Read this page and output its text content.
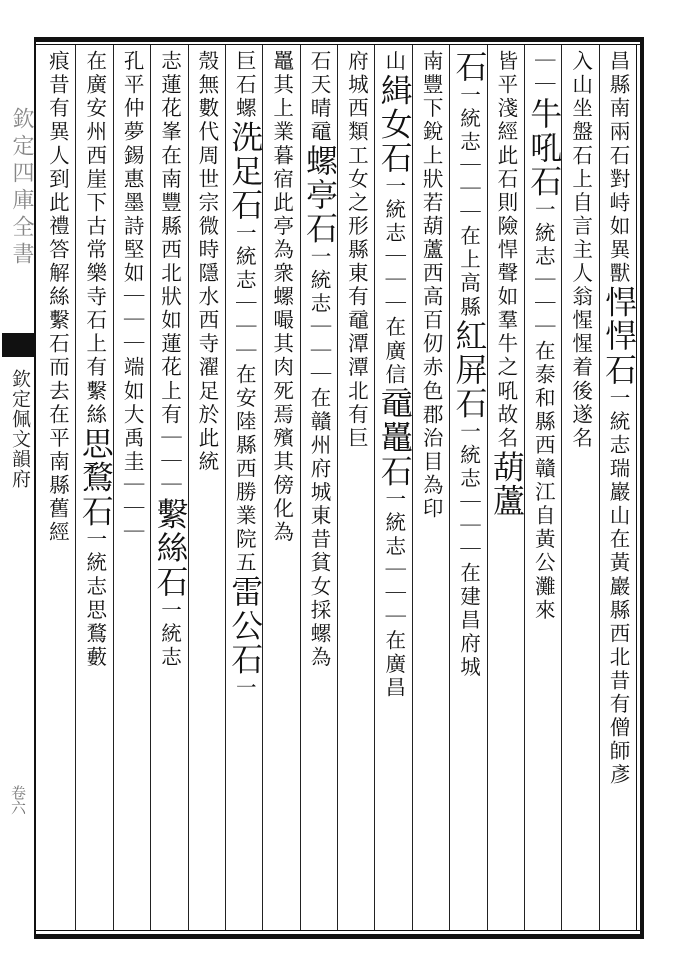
欽定四庫全書
欽定佩文韻府
卷六
昌縣南兩石對峙如異獸悍悍石一統志瑞巖山在黃巖縣西北昔有僧師彥
入山坐盤石上自言主人翁惺惺着後遂名
｜｜牛吼石一統志｜｜｜在泰和縣西贛江自黃公灘來
皆平淺經此石則險悍聲如羣牛之吼故名葫蘆
石一統志｜｜｜在上高縣紅屏石一統志｜｜｜在建昌府城
南豐下銳上狀若葫蘆西高百仞赤色郡治目為印
山緝女石一統志｜｜｜在廣信黿鼉石一統志｜｜｜在廣昌
府城西類工女之形縣東有黿潭潭北有巨
石天晴黿螺亭石一統志｜｜｜在贛州府城東昔貧女採螺為
鼉其上業暮宿此亭為衆螺嘬其肉死焉殯其傍化為
巨石螺洗足石一統志｜｜｜在安陸縣西勝業院五雷公石一
殼無數代周世宗微時隱水西寺濯足於此統
志蓮花峯在南豐縣西北狀如蓮花上有｜｜｜繫絲石一統志
孔平仲夢錫惠墨詩堅如｜｜｜端如大禹圭｜｜｜
在廣安州西崖下古常樂寺石上有繫絲思鶩石一統志思鶩藪
痕昔有異人到此禮答解絲繫石而去在平南縣舊經
